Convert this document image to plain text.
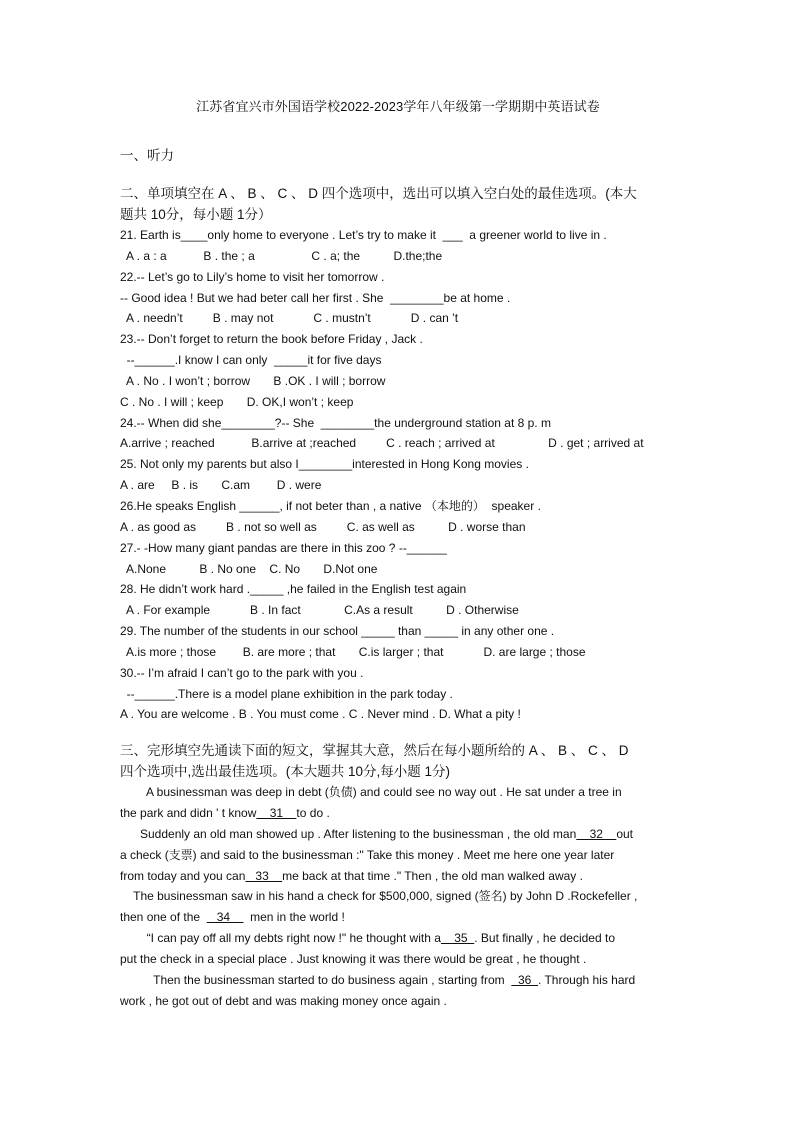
江苏省宜兴市外国语学校2022-2023学年八年级第一学期期中英语试卷
一、听力
二、单项填空在 A 、 B 、 C 、 D 四个选项中，选出可以填入空白处的最佳选项。(本大
题共 10分，每小题 1分）
21. Earth is____only home to everyone . Let’s try to make it  ___  a greener world to live in .
A . a : a           B . the ; a                 C . a; the          D.the;the
22.-- Let’s go to Lily’s home to visit her tomorrow .
-- Good idea ! But we had beter call her first . She  ________be at home .
A . needn’t         B . may not            C . mustn’t            D . can ’t
23.-- Don’t forget to return the book before Friday , Jack .
--______.I know I can only  _____it for five days
A . No . I won’t ; borrow       B .OK . I will ; borrow
C . No . I will ; keep       D. OK,I won’t ; keep
24.-- When did she________?-- She  ________the underground station at 8 p. m
A.arrive ; reached           B.arrive at ;reached         C . reach ; arrived at                D . get ; arrived at
25. Not only my parents but also I________interested in Hong Kong movies .
A . are     B . is       C.am        D . were
26.He speaks English ______, if not beter than , a native （本地的）  speaker .
A . as good as         B . not so well as         C. as well as          D . worse than
27.- -How many giant pandas are there in this zoo ? --______
A.None          B . No one    C. No       D.Not one
28. He didn’t work hard ._____ ,he failed in the English test again
A . For example            B . In fact             C.As a result          D . Otherwise
29. The number of the students in our school _____ than _____ in any other one .
A.is more ; those        B. are more ; that       C.is larger ; that            D. are large ; those
30.-- I’m afraid I can’t go to the park with you .
--______.There is a model plane exhibition in the park today .
A . You are welcome . B . You must come . C . Never mind . D. What a pity !
三、完形填空先通读下面的短文，掌握其大意，然后在每小题所给的 A 、 B 、 C 、 D
四个选项中,选出最佳选项。(本大题共 10分,每小题 1分)
A businessman was deep in debt (负债) and could see no way out . He sat under a tree in
the park and didn ' t know    31    to do .
Suddenly an old man showed up . After listening to the businessman , the old man    32    out
a check (支票) and said to the businessman :" Take this money . Meet me here one year later
from today and you can   33    me back at that time ." Then , the old man walked away .
The businessman saw in his hand a check for $500,000, signed (签名) by John D .Rockefeller ,
then one of the     34      men in the world !
“I can pay off all my debts right now !" he thought with a    35  . But finally , he decided to
put the check in a special place . Just knowing it was there would be great , he thought .
Then the businessman started to do business again , starting from    36  . Through his hard
work , he got out of debt and was making money once again .
